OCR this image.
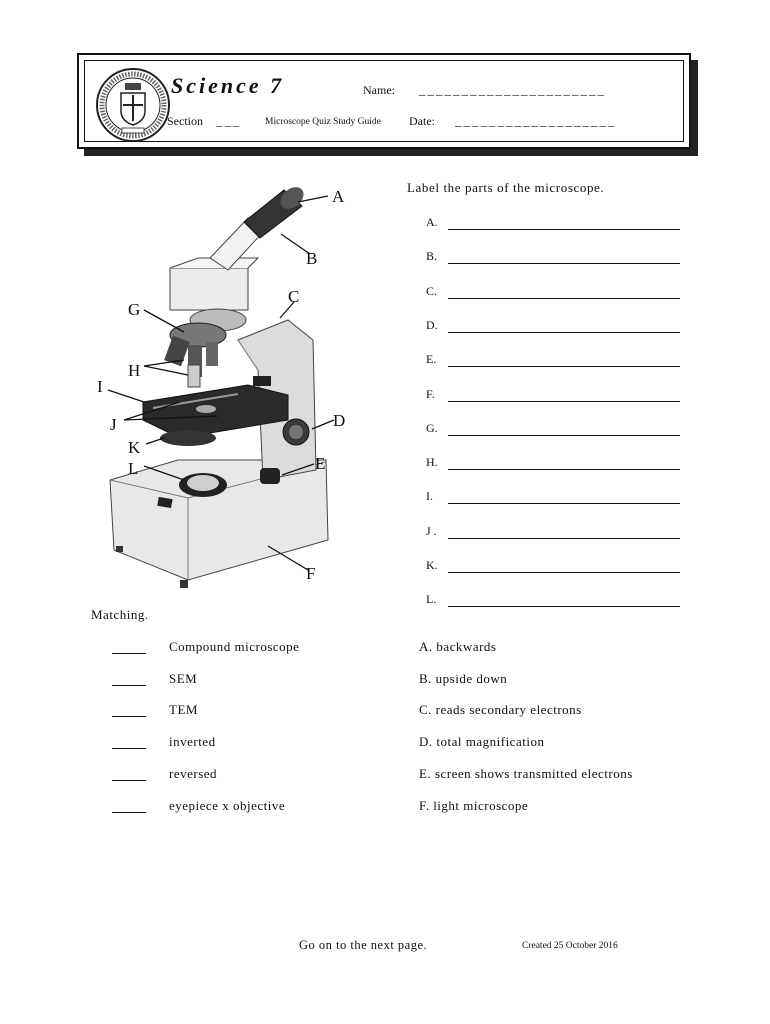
Science 7	Name: ______________________
Section ___ Microscope Quiz Study Guide Date: ___________________
A
B
C
D
E
F
G
H
I
J
K
L
Label the parts of the microscope.
A.
B.
C.
D.
E.
F.
G.
H.
I.
J .
K.
L.
Matching.
Compound microscope	A. backwards
SEM	B. upside down
TEM	C. reads secondary electrons
inverted	D. total magnification
reversed	E. screen shows transmitted electrons
eyepiece x objective	F. light microscope
Go on to the next page.	Created 25 October 2016
